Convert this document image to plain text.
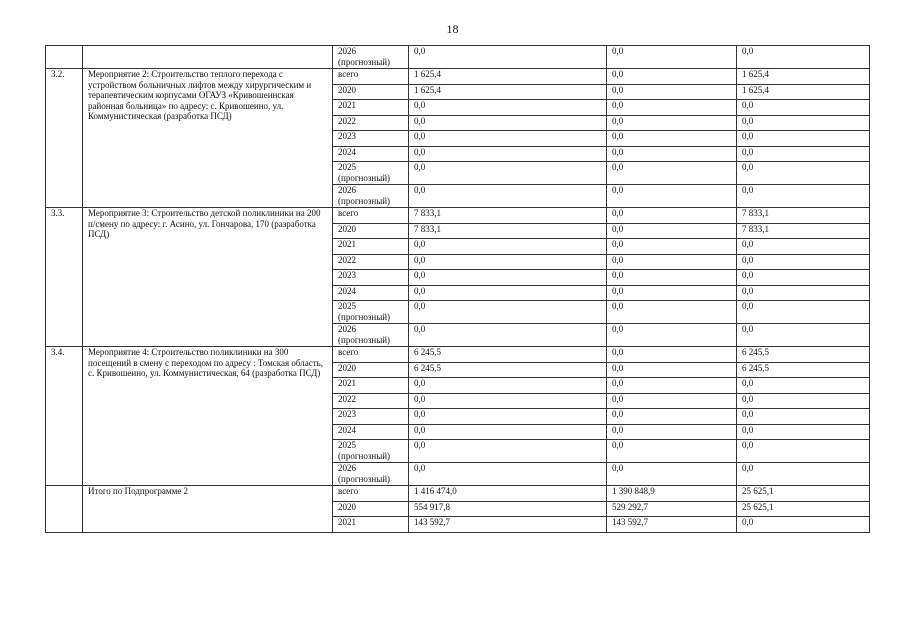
18
		2026 (прогнозный)	0,0	0,0	0,0
3.2.	Мероприятие 2: Строительство теплого перехода с устройством больничных лифтов между хирургическим и терапевтическим корпусами ОГАУЗ «Кривошеинская районная больница» по адресу: с. Кривошеино, ул. Коммунистическая (разработка ПСД)	всего	1 625,4	0,0	1 625,4
		2020	1 625,4	0,0	1 625,4
		2021	0,0	0,0	0,0
		2022	0,0	0,0	0,0
		2023	0,0	0,0	0,0
		2024	0,0	0,0	0,0
		2025 (прогнозный)	0,0	0,0	0,0
		2026 (прогнозный)	0,0	0,0	0,0
3.3.	Мероприятие 3: Строительство детской поликлиники на 200 п/смену по адресу: г. Асино, ул. Гончарова, 170 (разработка ПСД)	всего	7 833,1	0,0	7 833,1
		2020	7 833,1	0,0	7 833,1
		2021	0,0	0,0	0,0
		2022	0,0	0,0	0,0
		2023	0,0	0,0	0,0
		2024	0,0	0,0	0,0
		2025 (прогнозный)	0,0	0,0	0,0
		2026 (прогнозный)	0,0	0,0	0,0
3.4.	Мероприятие 4: Строительство поликлиники на 300 посещений в смену с переходом по адресу : Томская область, с. Кривошеино, ул. Коммунистическая, 64 (разработка ПСД)	всего	6 245,5	0,0	6 245,5
		2020	6 245,5	0,0	6 245,5
		2021	0,0	0,0	0,0
		2022	0,0	0,0	0,0
		2023	0,0	0,0	0,0
		2024	0,0	0,0	0,0
		2025 (прогнозный)	0,0	0,0	0,0
		2026 (прогнозный)	0,0	0,0	0,0
	Итого по Подпрограмме 2	всего	1 416 474,0	1 390 848,9	25 625,1
		2020	554 917,8	529 292,7	25 625,1
		2021	143 592,7	143 592,7	0,0
